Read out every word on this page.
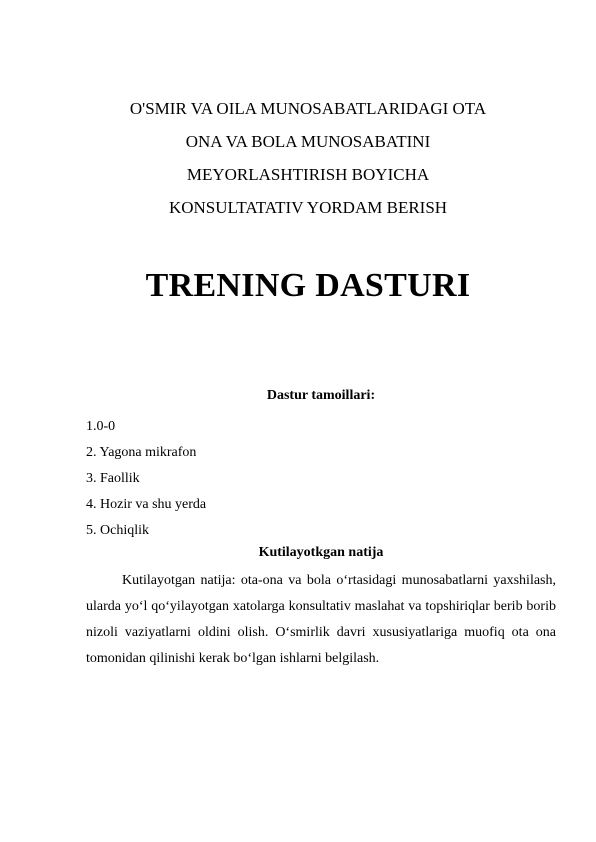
O'SMIR VA OILA MUNOSABATLARIDAGI OTA
ONA VA BOLA MUNOSABATINI
MEYORLASHTIRISH BOYICHA
KONSULTATATIV YORDAM BERISH
TRENING DASTURI
Dastur tamoillari:
1.0-0
2. Yagona mikrafon
3. Faollik
4. Hozir va shu yerda
5. Ochiqlik
Kutilayotkgan natija

Kutilayotgan natija: ota-ona va bola o‘rtasidagi munosabatlarni yaxshilash, ularda yo‘l qo‘yilayotgan xatolarga konsultativ maslahat va topshiriqlar berib borib nizoli vaziyatlarni oldini olish. O‘smirlik davri xususiyatlariga muofiq ota ona tomonidan qilinishi kerak bo‘lgan ishlarni belgilash.
